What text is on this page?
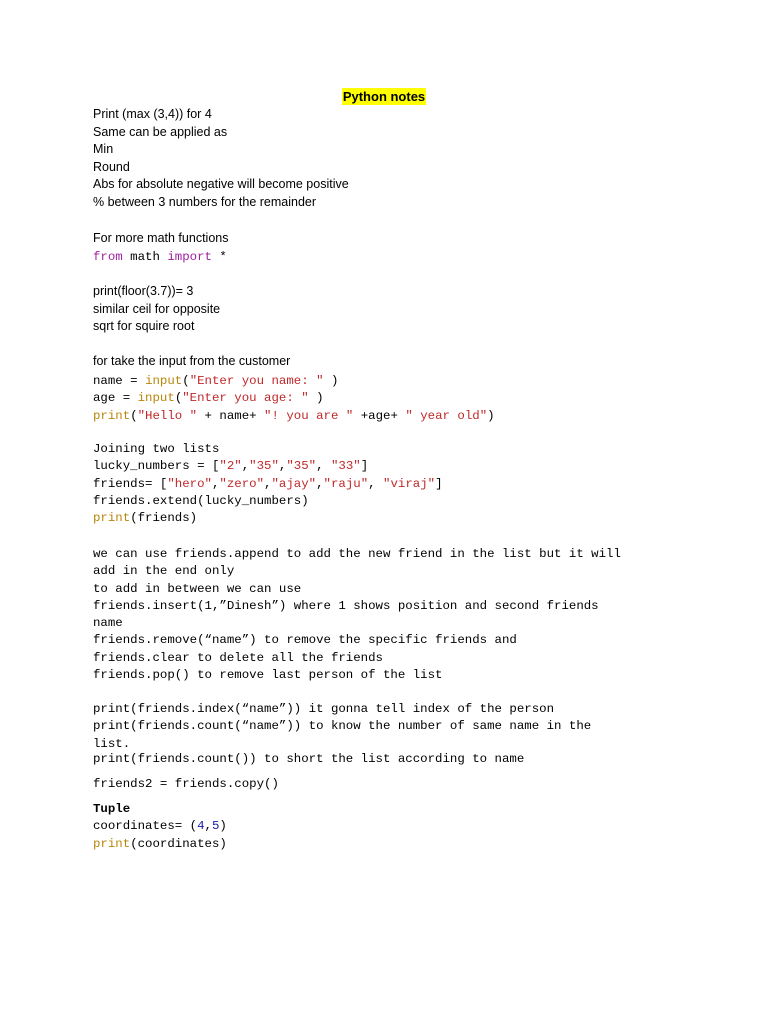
Python notes
Print (max (3,4)) for 4
Same can be applied as
Min
Round
Abs for absolute negative will become positive
% between 3 numbers for the remainder
For more math functions
from math import *
print(floor(3.7))= 3
similar ceil for opposite
sqrt for squire root
for take the input from the customer
name = input("Enter you name: " )
age = input("Enter you age: " )
print("Hello " + name+ "! you are " +age+ " year old")
Joining two lists
lucky_numbers = ["2","35","35", "33"]
friends= ["hero","zero","ajay","raju", "viraj"]
friends.extend(lucky_numbers)
print(friends)
we can use friends.append to add the new friend in the list but it will
add in the end only
to add in between we can use
friends.insert(1,”Dinesh”) where 1 shows position and second friends
name
friends.remove(“name”) to remove the specific friends and
friends.clear to delete all the friends
friends.pop() to remove last person of the list
print(friends.index(“name”)) it gonna tell index of the person
print(friends.count(“name”)) to know the number of same name in the
list.
print(friends.count()) to short the list according to name
friends2 = friends.copy()
Tuple
coordinates= (4,5)
print(coordinates)
